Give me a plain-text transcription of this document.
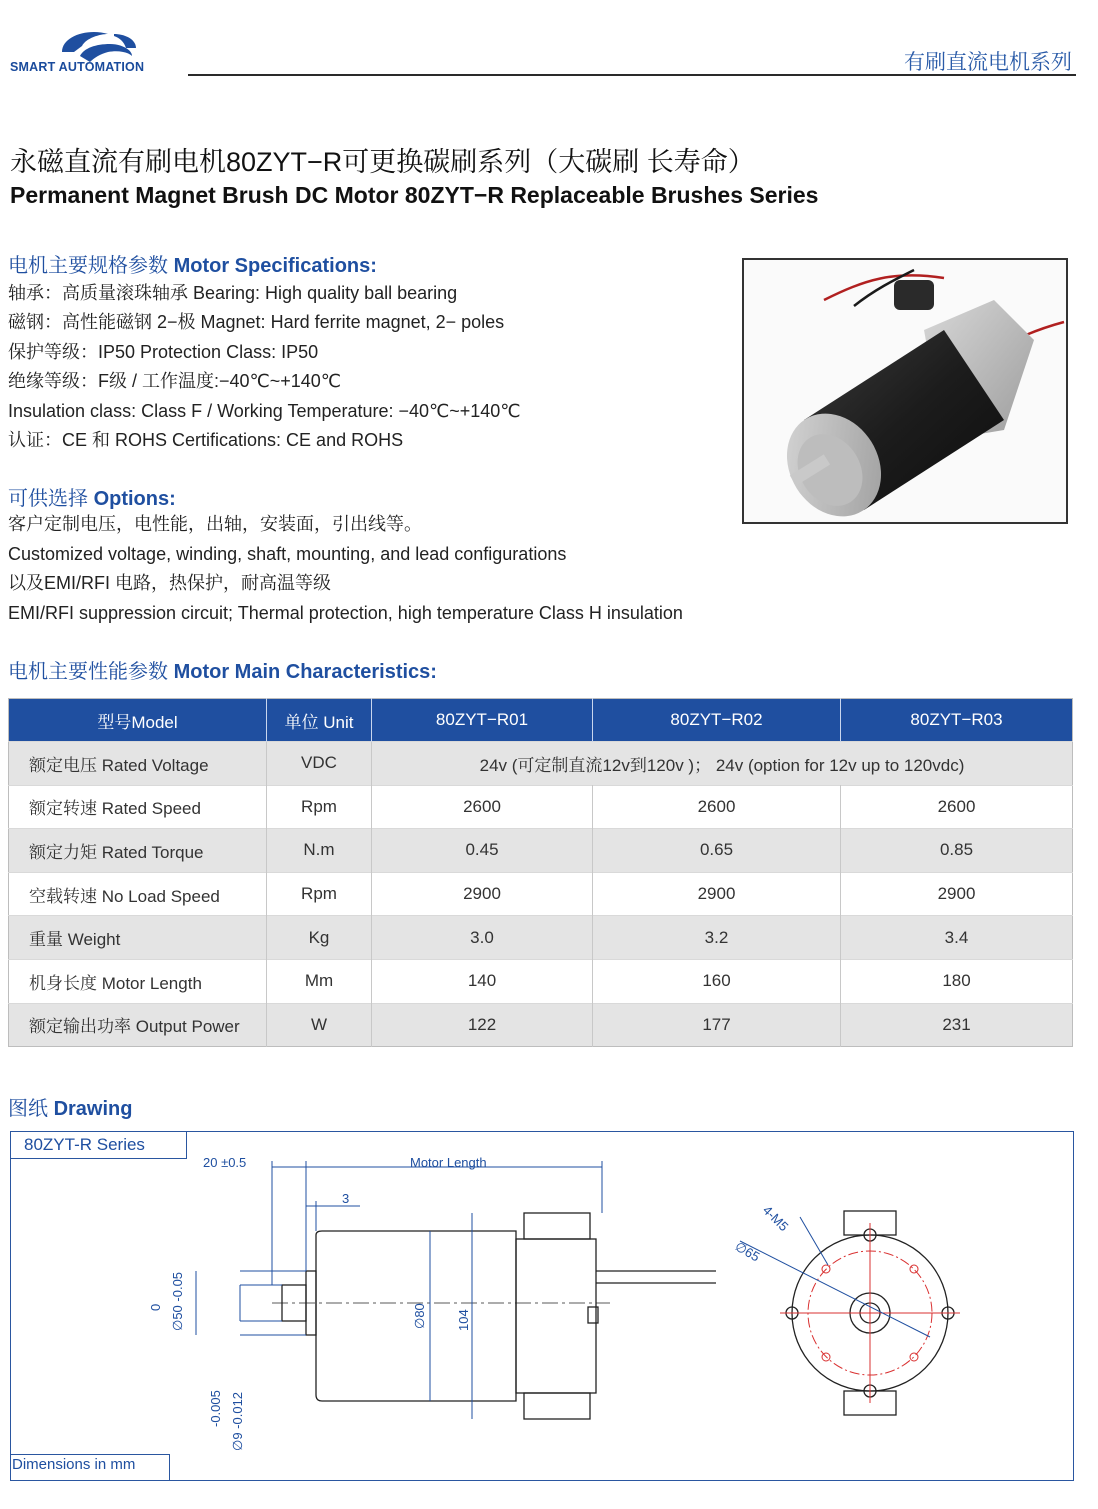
SMART AUTOMATION	有刷直流电机系列
永磁直流有刷电机80ZYT−R可更换碳刷系列（大碳刷 长寿命）
Permanent Magnet Brush DC Motor 80ZYT−R Replaceable Brushes Series
电机主要规格参数 Motor Specifications:
轴承：高质量滚珠轴承 Bearing: High quality ball bearing
磁钢：高性能磁钢 2−极 Magnet: Hard ferrite magnet, 2− poles
保护等级：IP50 Protection Class: IP50
绝缘等级：F级 / 工作温度:−40℃~+140℃
Insulation class: Class F / Working Temperature: −40℃~+140℃
认证：CE 和 ROHS Certifications: CE and ROHS
可供选择 Options:
客户定制电压，电性能，出轴，安装面，引出线等。
Customized voltage, winding, shaft, mounting, and lead configurations
以及EMI/RFI 电路，热保护，耐高温等级
EMI/RFI suppression circuit; Thermal protection, high temperature Class H insulation
电机主要性能参数 Motor Main Characteristics:
型号Model	单位 Unit	80ZYT−R01	80ZYT−R02	80ZYT−R03
额定电压 Rated Voltage	VDC	24v (可定制直流12v到120v )； 24v (option for 12v up to 120vdc)		
额定转速 Rated Speed	Rpm	2600	2600	2600
额定力矩 Rated Torque	N.m	0.45	0.65	0.85
空载转速 No Load Speed	Rpm	2900	2900	2900
重量 Weight	Kg	3.0	3.2	3.4
机身长度 Motor Length	Mm	140	160	180
额定输出功率 Output Power	W	122	177	231
图纸 Drawing
20 ±0.5	Motor Length
3
0 ∅50 -0.05
-0.005 ∅9 -0.012
∅80 104
4-M5
∅65
80ZYT-R Series
Dimensions in mm
